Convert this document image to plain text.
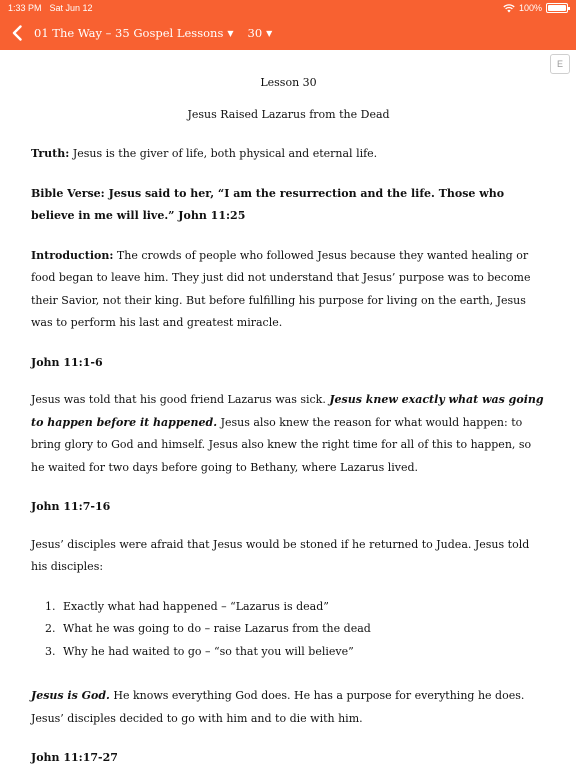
1:33 PM Sat Jun 12	100%
01 The Way – 35 Gospel Lessons ▼ 30 ▼
E
Lesson 30
Jesus Raised Lazarus from the Dead

Truth: Jesus is the giver of life, both physical and eternal life.

Bible Verse: Jesus said to her, “I am the resurrection and the life. Those who believe in me will live.” John 11:25

Introduction: The crowds of people who followed Jesus because they wanted healing or food began to leave him. They just did not understand that Jesus’ purpose was to become their Savior, not their king. But before fulfilling his purpose for living on the earth, Jesus was to perform his last and greatest miracle.

John 11:1-6

Jesus was told that his good friend Lazarus was sick. Jesus knew exactly what was going to happen before it happened. Jesus also knew the reason for what would happen: to bring glory to God and himself. Jesus also knew the right time for all of this to happen, so he waited for two days before going to Bethany, where Lazarus lived.

John 11:7-16

Jesus’ disciples were afraid that Jesus would be stoned if he returned to Judea. Jesus told his disciples:

1. Exactly what had happened – “Lazarus is dead”
2. What he was going to do – raise Lazarus from the dead
3. Why he had waited to go – “so that you will believe”

Jesus is God. He knows everything God does. He has a purpose for everything he does. Jesus’ disciples decided to go with him and to die with him.

John 11:17-27
